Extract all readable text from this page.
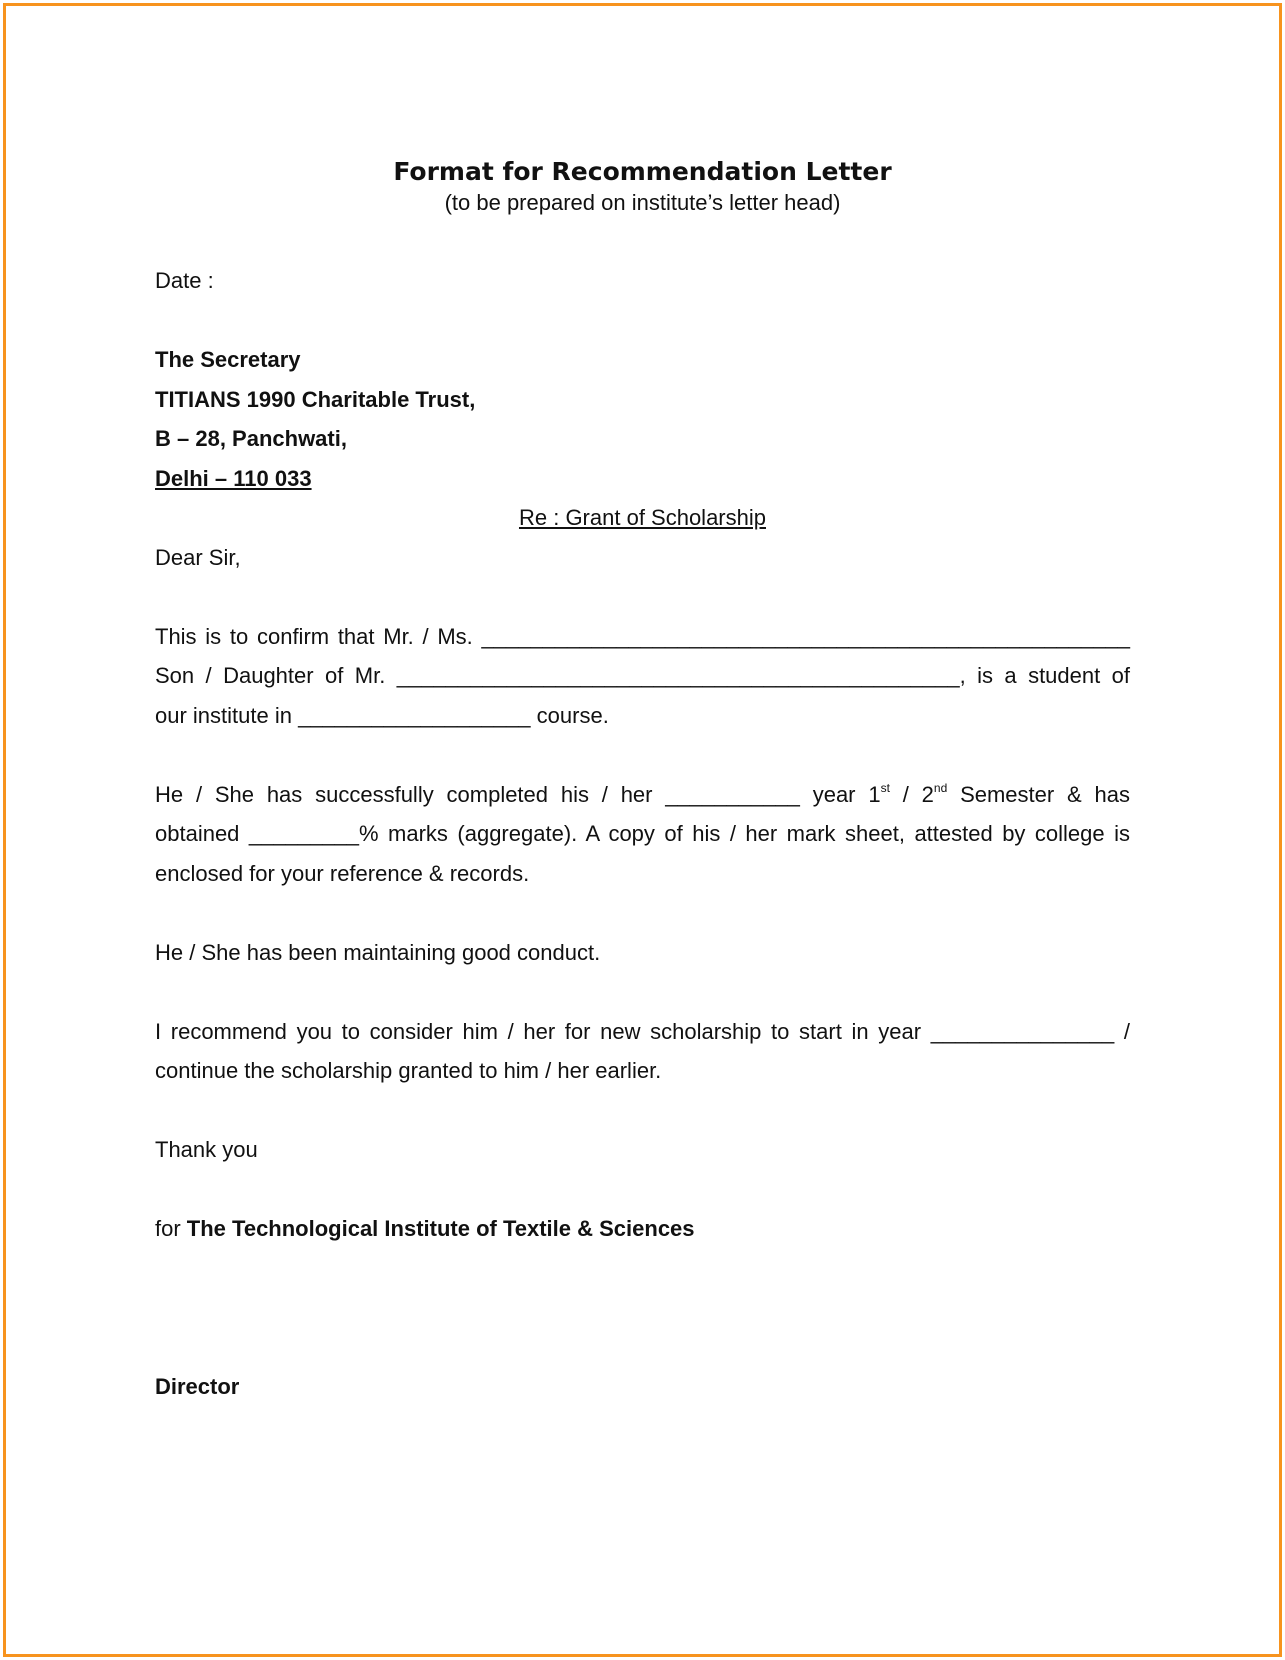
Format for Recommendation Letter

(to be prepared on institute’s letter head)

Date :

The Secretary

TITIANS 1990 Charitable Trust,

B – 28, Panchwati,

Delhi – 110 033

Re : Grant of Scholarship

Dear Sir,

This is to confirm that Mr. / Ms. _____________________________________________________

Son / Daughter of Mr. ______________________________________________, is a student of

our institute in ___________________ course.

He / She has successfully completed his / her ___________ year 1st / 2nd Semester & has

obtained _________% marks (aggregate). A copy of his / her mark sheet, attested by college is

enclosed for your reference & records.

He / She has been maintaining good conduct.

I recommend you to consider him / her for new scholarship to start in year _______________ /

continue the scholarship granted to him / her earlier.

Thank you

for The Technological Institute of Textile & Sciences

Director
